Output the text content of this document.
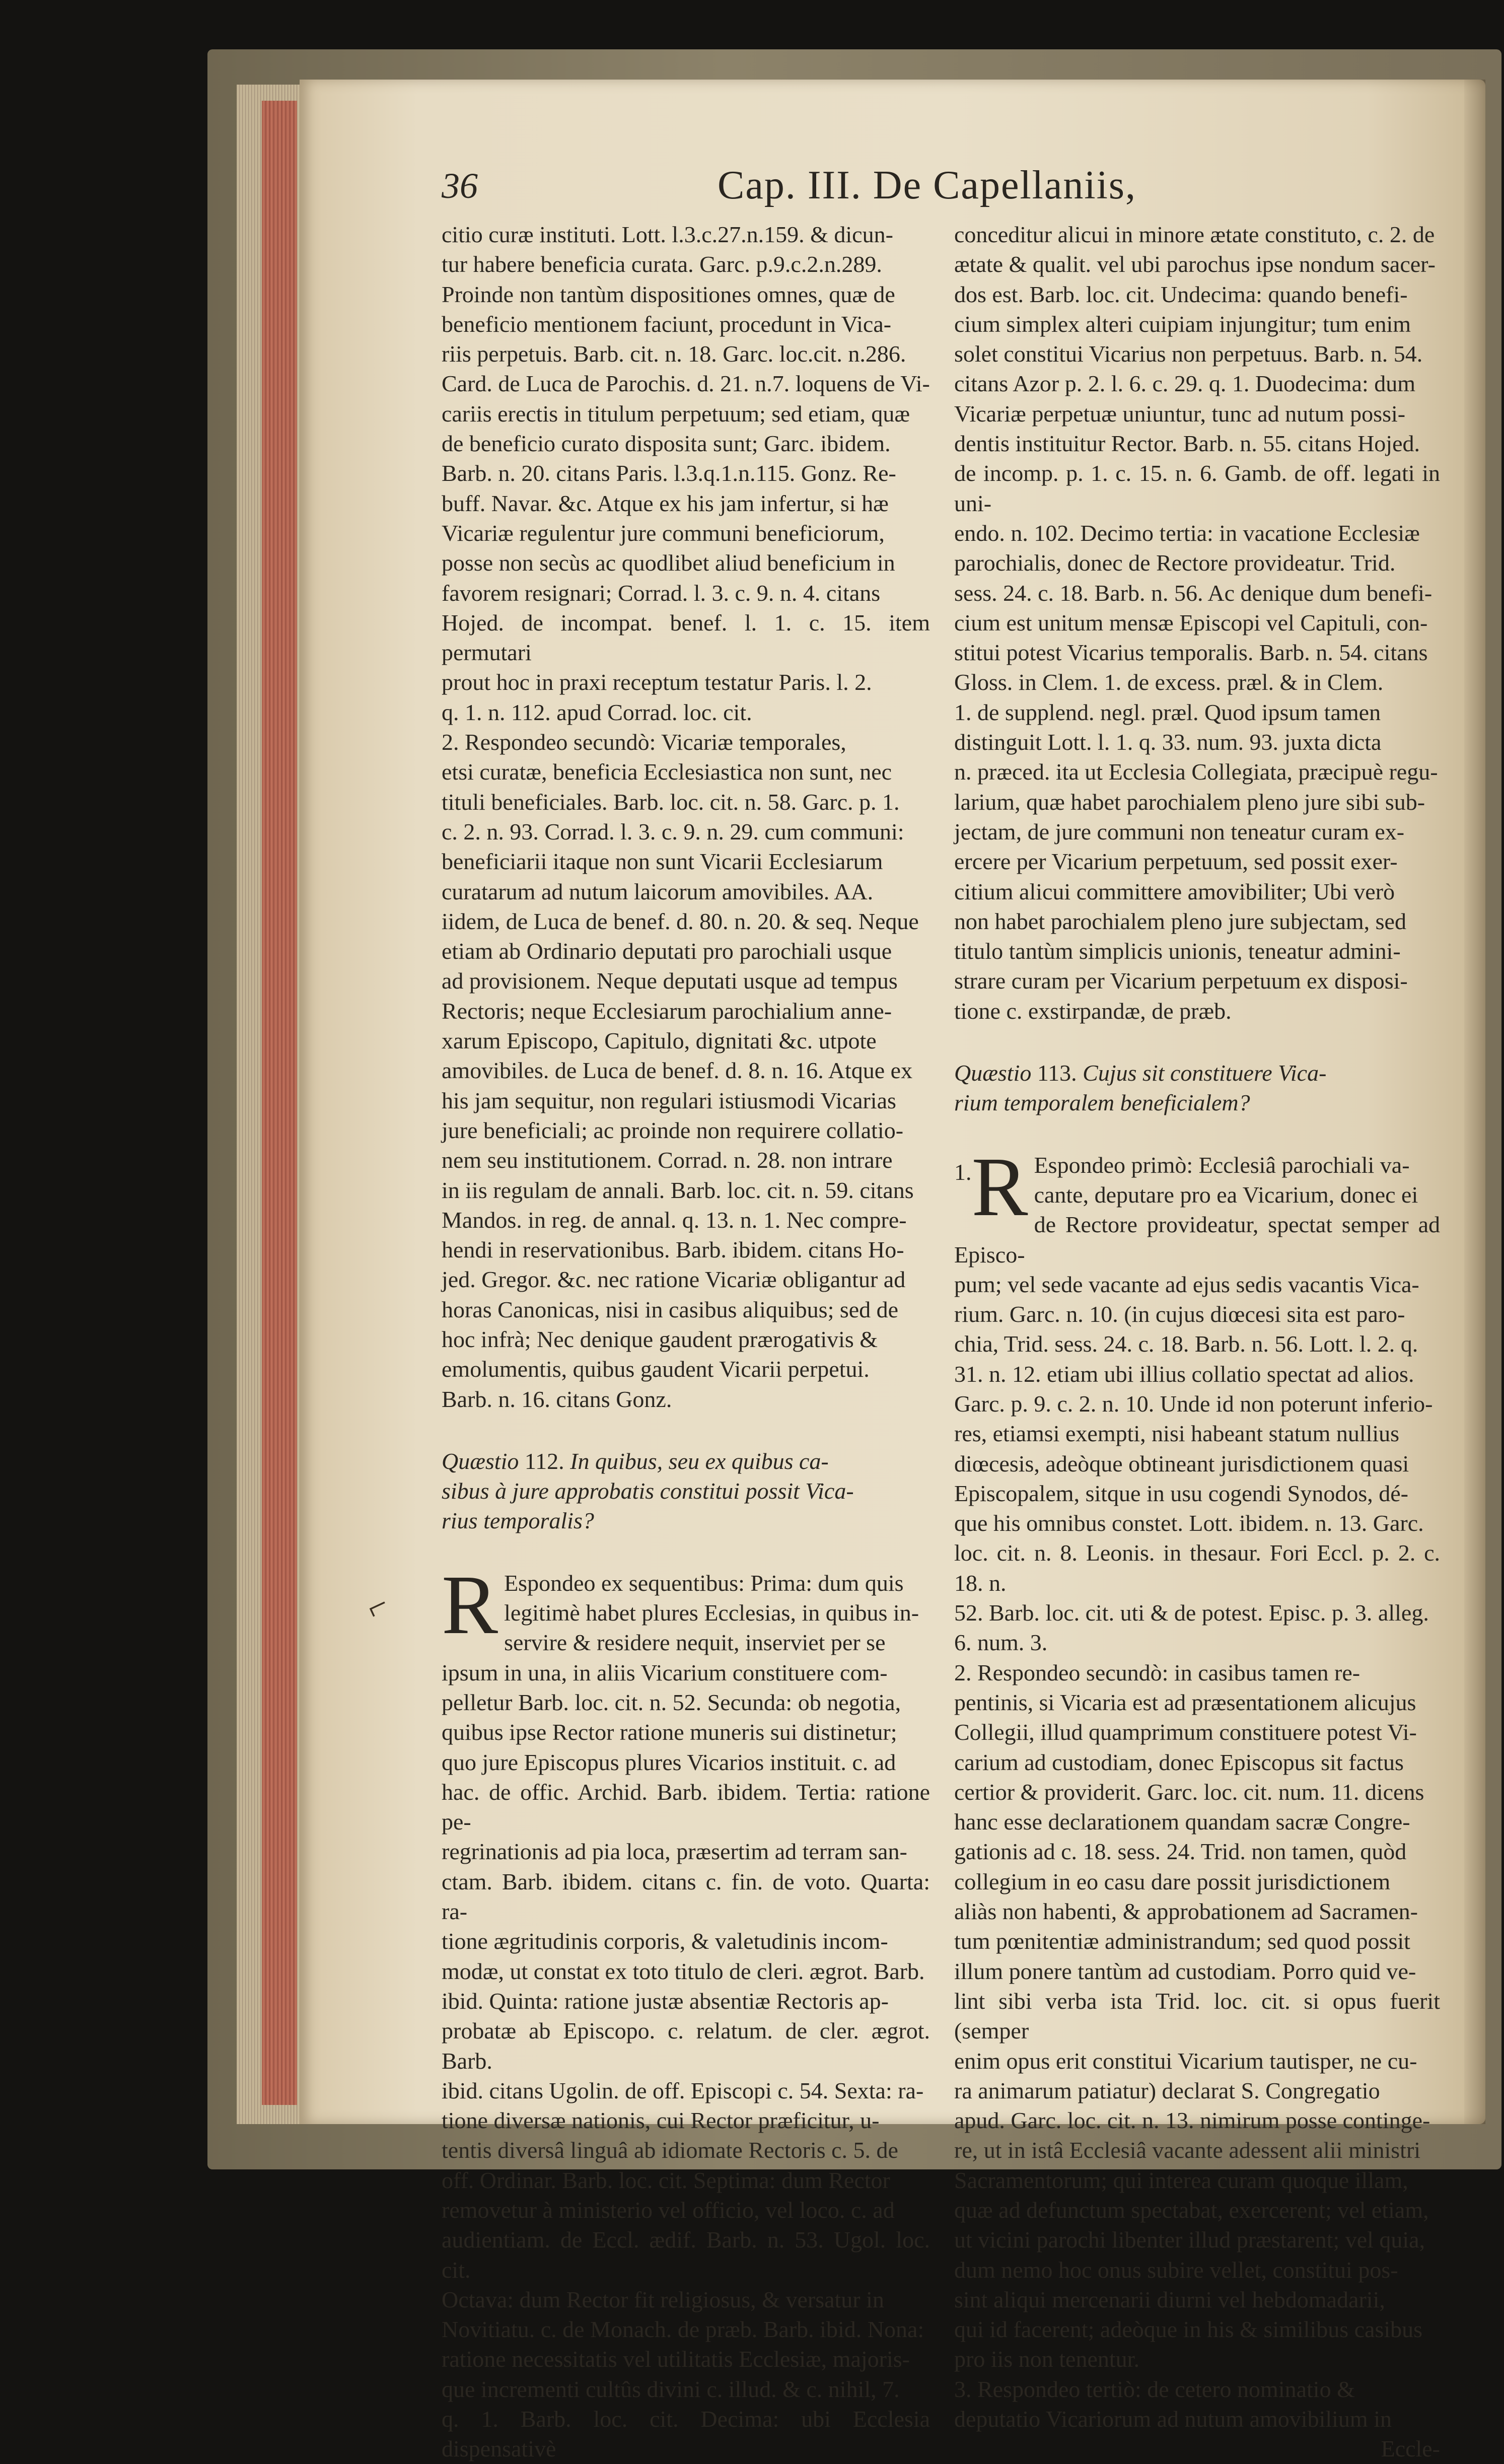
36	Cap. III. De Capellaniis,

citio curæ instituti. Lott. l.3.c.27.n.159. & dicun-

tur habere beneficia curata. Garc. p.9.c.2.n.289.

Proinde non tantùm dispositiones omnes, quæ de

beneficio mentionem faciunt, procedunt in Vica-

riis perpetuis. Barb. cit. n. 18. Garc. loc.cit. n.286.

Card. de Luca de Parochis. d. 21. n.7. loquens de Vi-

cariis erectis in titulum perpetuum; sed etiam, quæ

de beneficio curato disposita sunt; Garc. ibidem.

Barb. n. 20. citans Paris. l.3.q.1.n.115. Gonz. Re-

buff. Navar. &c. Atque ex his jam infertur, si hæ

Vicariæ regulentur jure communi beneficiorum,

posse non secùs ac quodlibet aliud beneficium in

favorem resignari; Corrad. l. 3. c. 9. n. 4. citans

Hojed. de incompat. benef. l. 1. c. 15. item permutari

prout hoc in praxi receptum testatur Paris. l. 2.

q. 1. n. 112. apud Corrad. loc. cit.

2. Respondeo secundò: Vicariæ temporales,

etsi curatæ, beneficia Ecclesiastica non sunt, nec

tituli beneficiales. Barb. loc. cit. n. 58. Garc. p. 1.

c. 2. n. 93. Corrad. l. 3. c. 9. n. 29. cum communi:

beneficiarii itaque non sunt Vicarii Ecclesiarum

curatarum ad nutum laicorum amovibiles. AA.

iidem, de Luca de benef. d. 80. n. 20. & seq. Neque

etiam ab Ordinario deputati pro parochiali usque

ad provisionem. Neque deputati usque ad tempus

Rectoris; neque Ecclesiarum parochialium anne-

xarum Episcopo, Capitulo, dignitati &c. utpote

amovibiles. de Luca de benef. d. 8. n. 16. Atque ex

his jam sequitur, non regulari istiusmodi Vicarias

jure beneficiali; ac proinde non requirere collatio-

nem seu institutionem. Corrad. n. 28. non intrare

in iis regulam de annali. Barb. loc. cit. n. 59. citans

Mandos. in reg. de annal. q. 13. n. 1. Nec compre-

hendi in reservationibus. Barb. ibidem. citans Ho-

jed. Gregor. &c. nec ratione Vicariæ obligantur ad

horas Canonicas, nisi in casibus aliquibus; sed de

hoc infrà; Nec denique gaudent prærogativis &

emolumentis, quibus gaudent Vicarii perpetui.

Barb. n. 16. citans Gonz.

Quæstio 112. In quibus, seu ex quibus ca-
sibus à jure approbatis constitui possit Vica-
rius temporalis?

R Espondeo ex sequentibus: Prima: dum quis

legitimè habet plures Ecclesias, in quibus in-

servire & residere nequit, inserviet per se

ipsum in una, in aliis Vicarium constituere com-

pelletur Barb. loc. cit. n. 52. Secunda: ob negotia,

quibus ipse Rector ratione muneris sui distinetur;

quo jure Episcopus plures Vicarios instituit. c. ad

hac. de offic. Archid. Barb. ibidem. Tertia: ratione pe-

regrinationis ad pia loca, præsertim ad terram san-

ctam. Barb. ibidem. citans c. fin. de voto. Quarta: ra-

tione ægritudinis corporis, & valetudinis incom-

modæ, ut constat ex toto titulo de cleri. ægrot. Barb.

ibid. Quinta: ratione justæ absentiæ Rectoris ap-

probatæ ab Episcopo. c. relatum. de cler. ægrot. Barb.

ibid. citans Ugolin. de off. Episcopi c. 54. Sexta: ra-

tione diversæ nationis, cui Rector præficitur, u-

tentis diversâ linguâ ab idiomate Rectoris c. 5. de

off. Ordinar. Barb. loc. cit. Septima: dum Rector

removetur à ministerio vel officio, vel loco. c. ad

audientiam. de Eccl. ædif. Barb. n. 53. Ugol. loc. cit.

Octava: dum Rector fit religiosus, & versatur in

Novitiatu. c. de Monach. de præb. Barb. ibid. Nona:

ratione necessitatis vel utilitatis Ecclesiæ, majoris-

que incrementi cultûs divini c. illud. & c. nihil, 7.

q. 1. Barb. loc. cit. Decima: ubi Ecclesia dispensativè

conceditur alicui in minore ætate constituto, c. 2. de

ætate & qualit. vel ubi parochus ipse nondum sacer-

dos est. Barb. loc. cit. Undecima: quando benefi-

cium simplex alteri cuipiam injungitur; tum enim

solet constitui Vicarius non perpetuus. Barb. n. 54.

citans Azor p. 2. l. 6. c. 29. q. 1. Duodecima: dum

Vicariæ perpetuæ uniuntur, tunc ad nutum possi-

dentis instituitur Rector. Barb. n. 55. citans Hojed.

de incomp. p. 1. c. 15. n. 6. Gamb. de off. legati in uni-

endo. n. 102. Decimo tertia: in vacatione Ecclesiæ

parochialis, donec de Rectore provideatur. Trid.

sess. 24. c. 18. Barb. n. 56. Ac denique dum benefi-

cium est unitum mensæ Episcopi vel Capituli, con-

stitui potest Vicarius temporalis. Barb. n. 54. citans

Gloss. in Clem. 1. de excess. præl. & in Clem.

1. de supplend. negl. præl. Quod ipsum tamen

distinguit Lott. l. 1. q. 33. num. 93. juxta dicta

n. præced. ita ut Ecclesia Collegiata, præcipuè regu-

larium, quæ habet parochialem pleno jure sibi sub-

jectam, de jure communi non teneatur curam ex-

ercere per Vicarium perpetuum, sed possit exer-

citium alicui committere amovibiliter; Ubi verò

non habet parochialem pleno jure subjectam, sed

titulo tantùm simplicis unionis, teneatur admini-

strare curam per Vicarium perpetuum ex disposi-

tione c. exstirpandæ, de præb.

Quæstio 113. Cujus sit constituere Vica-
rium temporalem beneficialem?

1. R Espondeo primò: Ecclesiâ parochiali va-

cante, deputare pro ea Vicarium, donec ei

de Rectore provideatur, spectat semper ad Episco-

pum; vel sede vacante ad ejus sedis vacantis Vica-

rium. Garc. n. 10. (in cujus diœcesi sita est paro-

chia, Trid. sess. 24. c. 18. Barb. n. 56. Lott. l. 2. q.

31. n. 12. etiam ubi illius collatio spectat ad alios.

Garc. p. 9. c. 2. n. 10. Unde id non poterunt inferio-

res, etiamsi exempti, nisi habeant statum nullius

diœcesis, adeòque obtineant jurisdictionem quasi

Episcopalem, sitque in usu cogendi Synodos, dé-

que his omnibus constet. Lott. ibidem. n. 13. Garc.

loc. cit. n. 8. Leonis. in thesaur. Fori Eccl. p. 2. c. 18. n.

52. Barb. loc. cit. uti & de potest. Episc. p. 3. alleg.

6. num. 3.

2. Respondeo secundò: in casibus tamen re-

pentinis, si Vicaria est ad præsentationem alicujus

Collegii, illud quamprimum constituere potest Vi-

carium ad custodiam, donec Episcopus sit factus

certior & providerit. Garc. loc. cit. num. 11. dicens

hanc esse declarationem quandam sacræ Congre-

gationis ad c. 18. sess. 24. Trid. non tamen, quòd

collegium in eo casu dare possit jurisdictionem

aliàs non habenti, & approbationem ad Sacramen-

tum pœnitentiæ administrandum; sed quod possit

illum ponere tantùm ad custodiam. Porro quid ve-

lint sibi verba ista Trid. loc. cit. si opus fuerit (semper

enim opus erit constitui Vicarium tautisper, ne cu-

ra animarum patiatur) declarat S. Congregatio

apud. Garc. loc. cit. n. 13. nimirum posse continge-

re, ut in istâ Ecclesiâ vacante adessent alii ministri

Sacramentorum; qui interea curam quoque illam,

quæ ad defunctum spectabat, exercerent; vel etiam,

ut vicini parochi libenter illud præstarent; vel quia,

dum nemo hoc onus subire vellet, constitui pos-

sint aliqui mercenarii diurni vel hebdomadarii,

qui id facerent; adeòque in his & similibus casibus

pro iis non tenentur.

3. Respondeo tertiò: de cetero nominatio &

deputatio Vicariorum ad nutum amovibilium in

Eccle-

⌐
